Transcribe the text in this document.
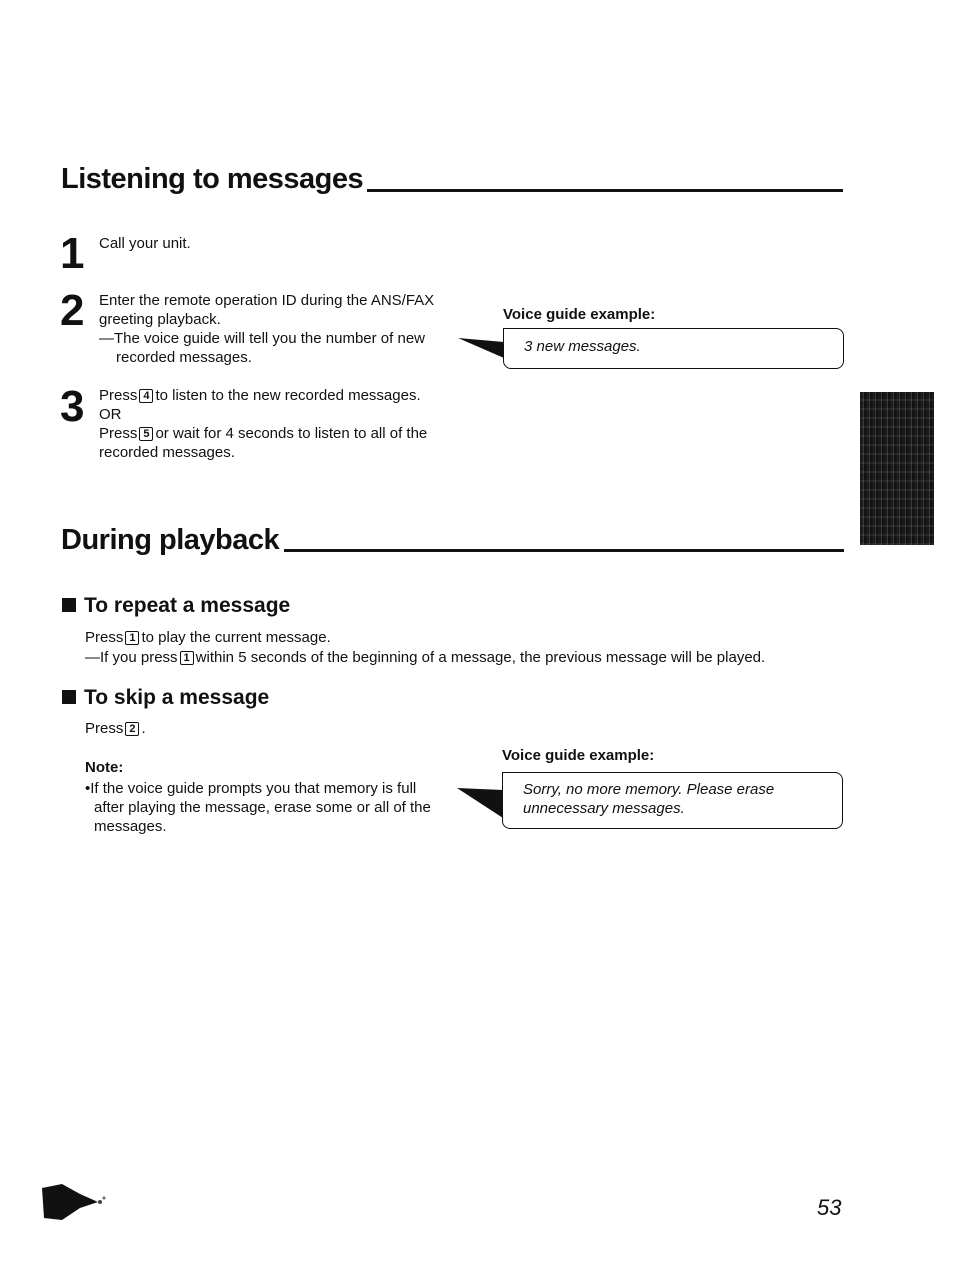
Listening to messages
1 Call your unit.
2 Enter the remote operation ID during the ANS/FAX
greeting playback.
—The voice guide will tell you the number of new
recorded messages.
Voice guide example:
3 new messages.
3 Press 4 to listen to the new recorded messages.
OR
Press 5 or wait for 4 seconds to listen to all of the
recorded messages.
During playback
To repeat a message
Press 1 to play the current message.
—If you press 1 within 5 seconds of the beginning of a message, the previous message will be played.
To skip a message
Press 2 .
Note:
•If the voice guide prompts you that memory is full
after playing the message, erase some or all of the
messages.
Voice guide example:
Sorry, no more memory. Please erase
unnecessary messages.
53
